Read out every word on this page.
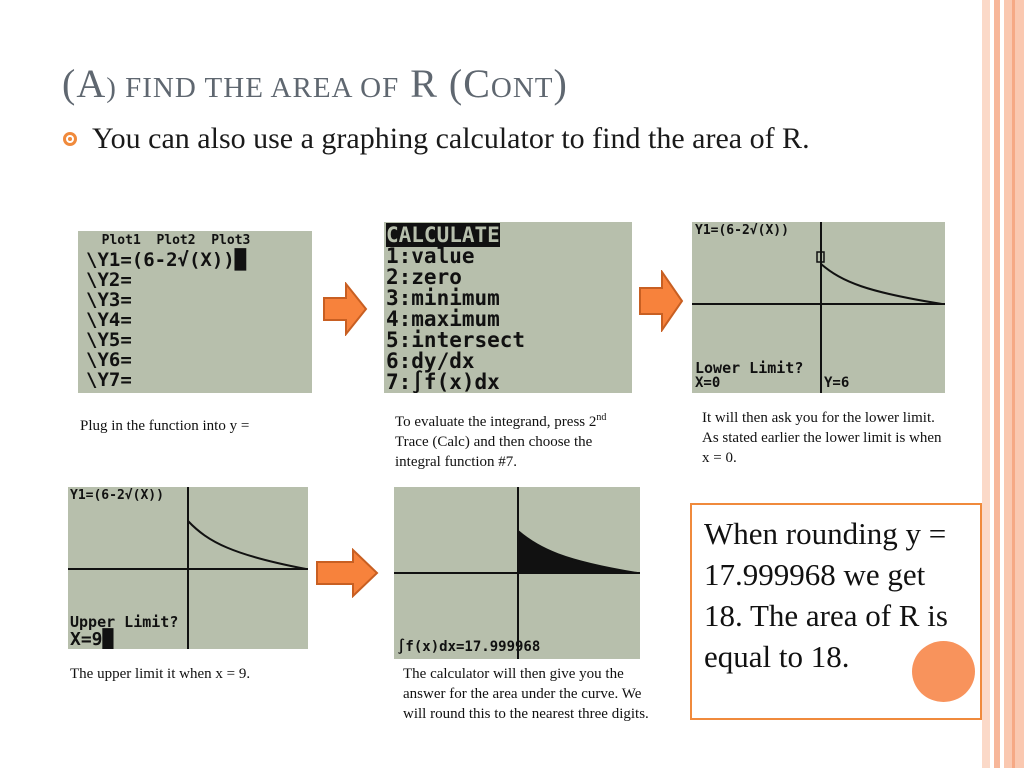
(A) FIND THE AREA OF R (CONT)
You can also use a graphing calculator to find the area of R.
Plot1  Plot2  Plot3
\Y1=(6-2√(X))█
\Y2=
\Y3=
\Y4=
\Y5=
\Y6=
\Y7=
CALCULATE
1:value
2:zero
3:minimum
4:maximum
5:intersect
6:dy/dx
7:∫f(x)dx
Y1=(6-2√(X))
Lower Limit?
X=0	Y=6
Y1=(6-2√(X))
Upper Limit?
X=9█	∫f(x)dx=17.999968
Plug in the function into y =	To evaluate the integrand, press 2nd Trace (Calc) and then choose the integral function #7.
It will then ask you for the lower limit. As stated earlier the lower limit is when x = 0.
The upper limit it when x = 9.	The calculator will then give you the answer for the area under the curve. We will round this to the nearest three digits.
When rounding y = 17.999968 we get 18. The area of R is equal to 18.
